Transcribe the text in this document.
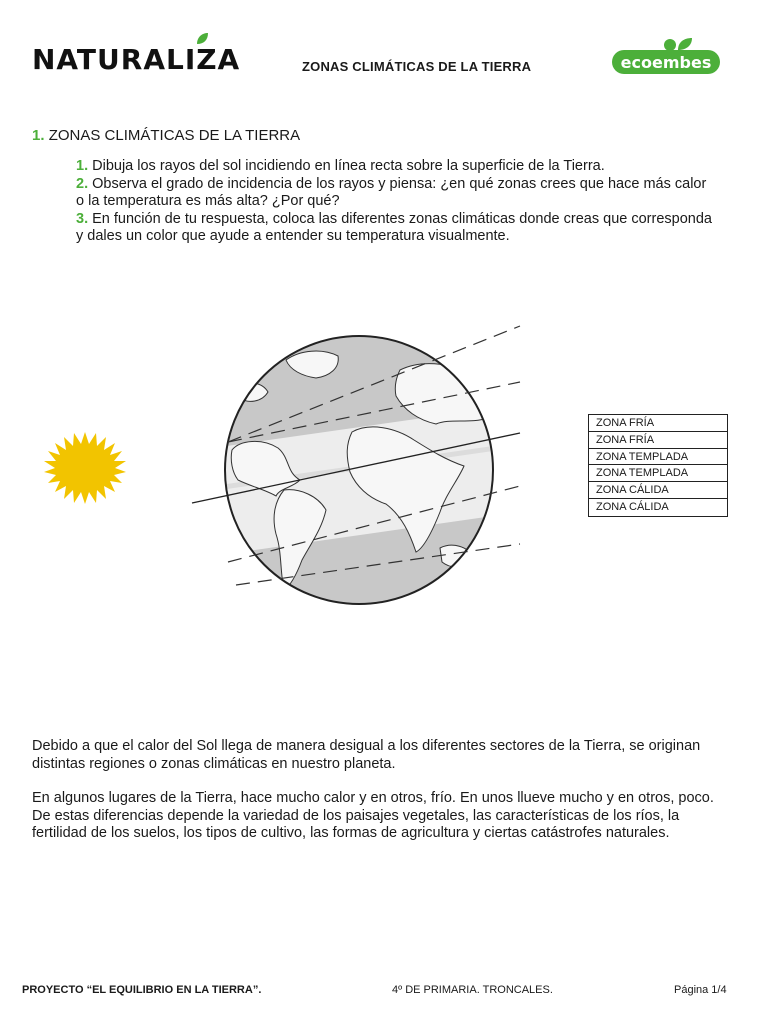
NATURALIZA	ZONAS CLIMÁTICAS DE LA TIERRA	ecoembes
1. ZONAS CLIMÁTICAS DE LA TIERRA

1. Dibuja los rayos del sol incidiendo en línea recta sobre la superficie de la Tierra.

2. Observa el grado de incidencia de los rayos y piensa: ¿en qué zonas crees que hace más calor o la temperatura es más alta? ¿Por qué?

3. En función de tu respuesta, coloca las diferentes zonas climáticas donde creas que corresponda y dales un color que ayude a entender su temperatura visualmente.

ZONA FRÍA
ZONA FRÍA
ZONA TEMPLADA
ZONA TEMPLADA
ZONA CÁLIDA
ZONA CÁLIDA

Debido a que el calor del Sol llega de manera desigual a los diferentes sectores de la Tierra, se originan distintas regiones o zonas climáticas en nuestro planeta.

En algunos lugares de la Tierra, hace mucho calor y en otros, frío. En unos llueve mucho y en otros, poco. De estas diferencias depende la variedad de los paisajes vegetales, las características de los ríos, la fertilidad de los suelos, los tipos de cultivo, las formas de agricultura y ciertas catástrofes naturales.

PROYECTO “EL EQUILIBRIO EN LA TIERRA”.	4º DE PRIMARIA. TRONCALES.	Página 1/4
